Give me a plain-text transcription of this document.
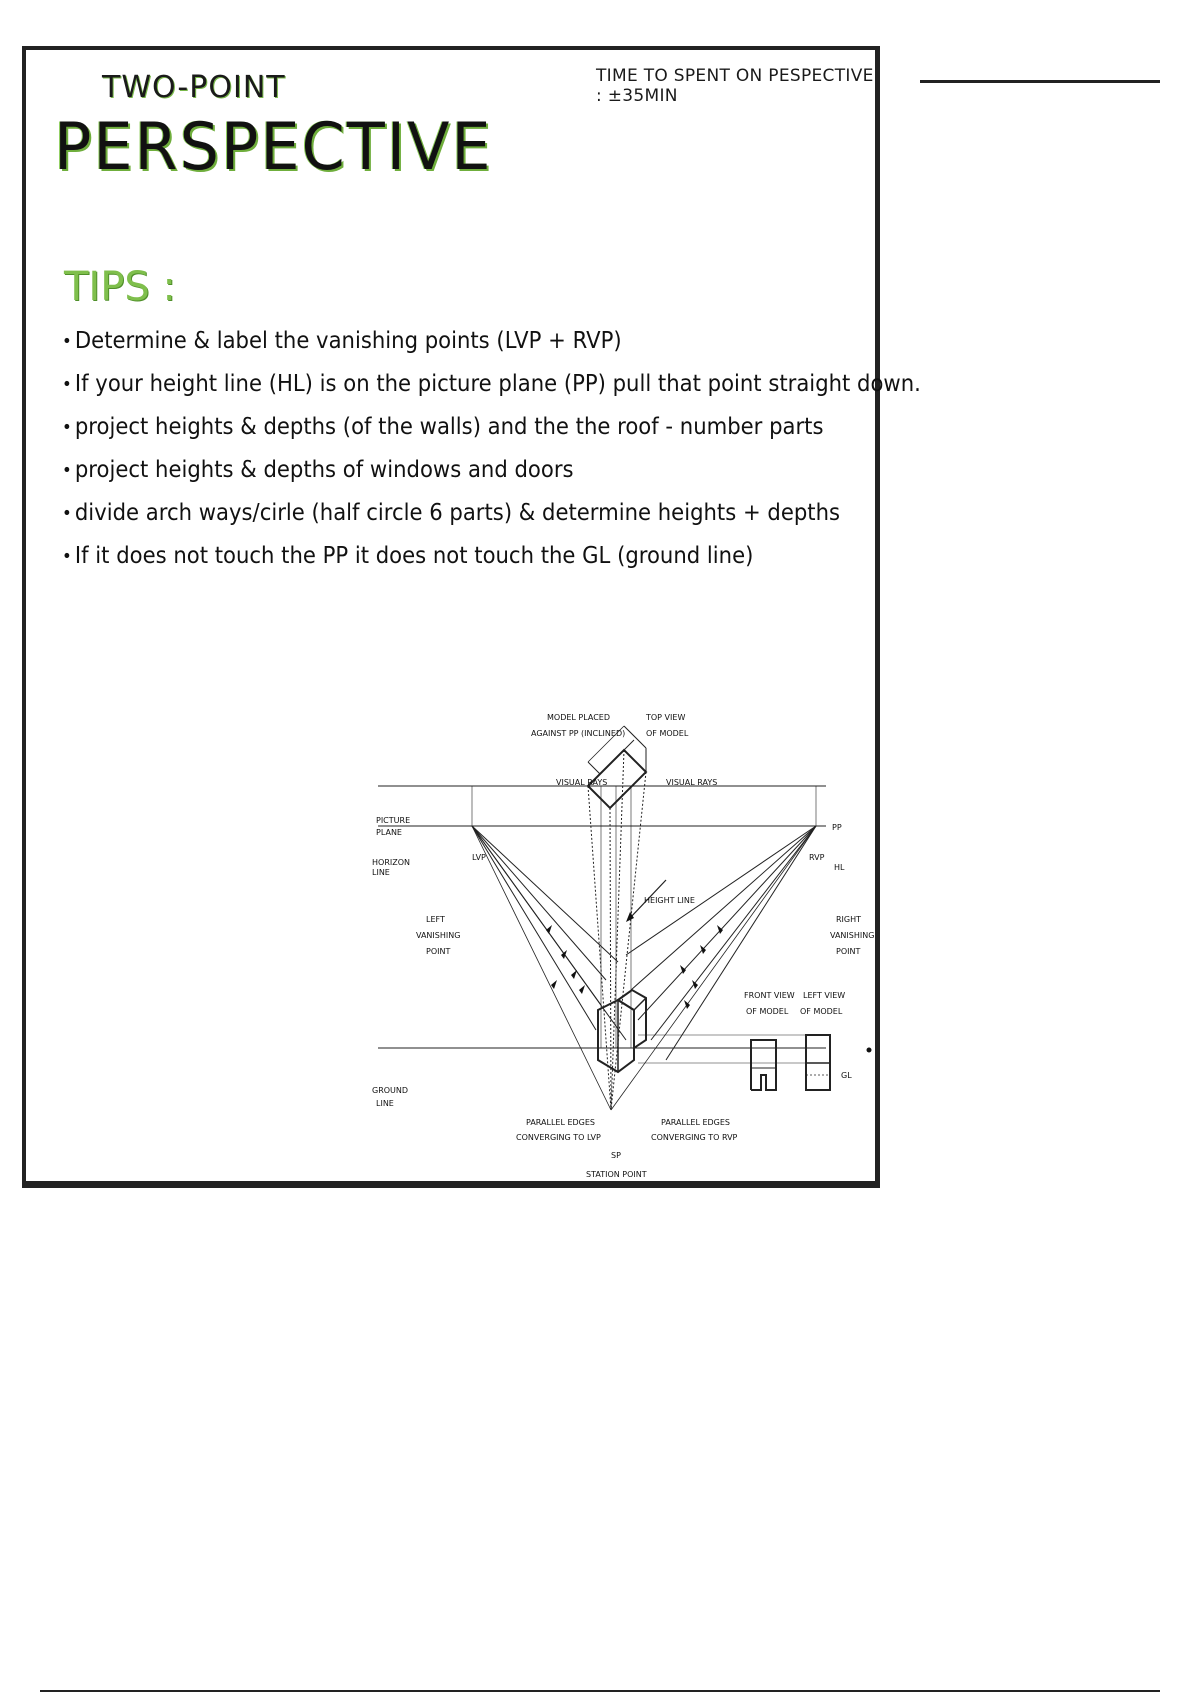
TWO-POINT
PERSPECTIVE
TIME TO SPENT ON PESPECTIVE : ±35MIN
TIPS :
• Determine & label the vanishing points (LVP + RVP)
• If your height line (HL) is on the picture plane (PP) pull that point straight down.
• project heights & depths (of the walls) and the the roof - number parts
• project heights & depths of windows and doors
• divide arch ways/cirle (half circle 6 parts) & determine heights + depths
• If it does not touch the PP it does not touch the GL (ground line)
MODEL PLACED
AGAINST PP (INCLINED)
TOP VIEW
OF MODEL
VISUAL RAYS	VISUAL RAYS
PICTURE
PLANE
PP
HORIZON
LINE
HL
LVP	RVP
LEFT
VANISHING
POINT
RIGHT
VANISHING
POINT
HEIGHT LINE
FRONT VIEW
OF MODEL
LEFT VIEW
OF MODEL
GL
GROUND
LINE
PARALLEL EDGES
CONVERGING TO LVP
PARALLEL EDGES
CONVERGING TO RVP
SP
STATION POINT
